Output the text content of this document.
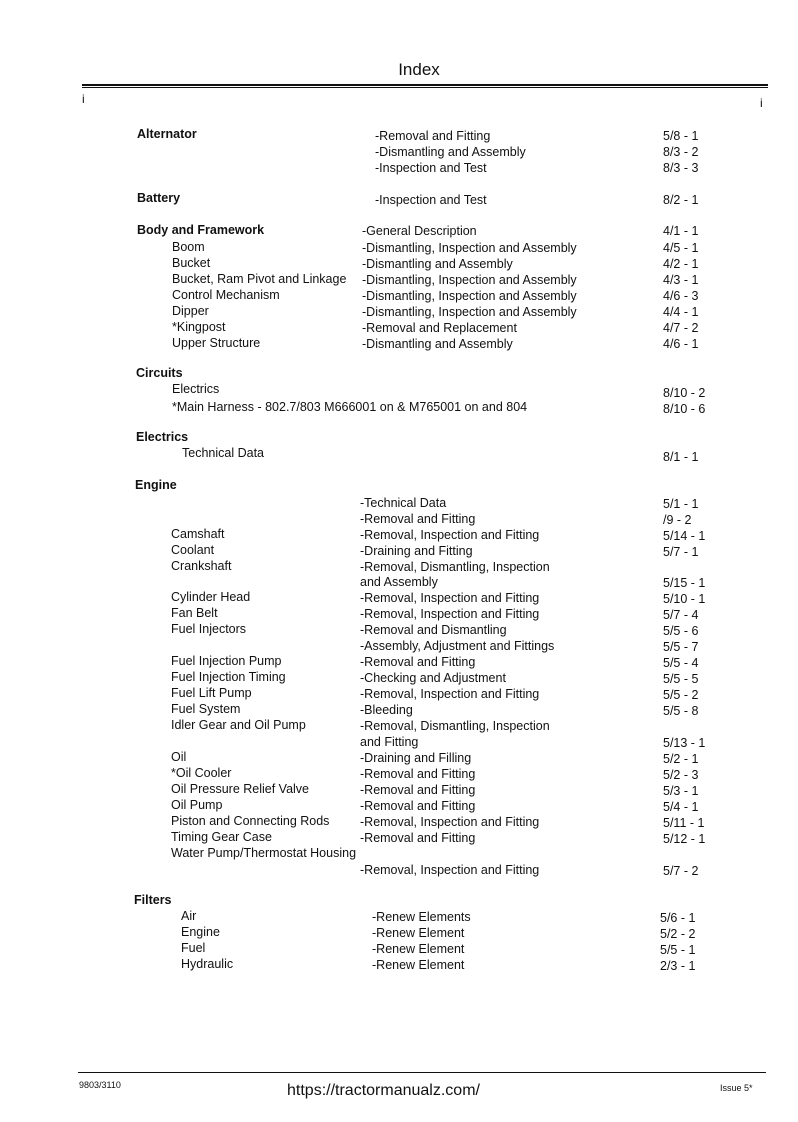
Index
i	i
Alternator	-Removal and Fitting	5/8 - 1
-Dismantling and Assembly	8/3 - 2
-Inspection and Test	8/3 - 3
Battery	-Inspection and Test	8/2 - 1
Body and Framework	-General Description	4/1 - 1
Boom	-Dismantling, Inspection and Assembly	4/5 - 1
Bucket	-Dismantling and Assembly	4/2 - 1
Bucket, Ram Pivot and Linkage -Dismantling, Inspection and Assembly	4/3 - 1
Control Mechanism	-Dismantling, Inspection and Assembly	4/6 - 3
Dipper	-Dismantling, Inspection and Assembly	4/4 - 1
*Kingpost	-Removal and Replacement	4/7 - 2
Upper Structure	-Dismantling and Assembly	4/6 - 1
Circuits
Electrics	8/10 - 2
*Main Harness - 802.7/803 M666001 on & M765001 on and 804	8/10 - 6
Electrics
Technical Data	8/1 - 1
Engine
-Technical Data	5/1 - 1
-Removal and Fitting	/9 - 2
Camshaft	-Removal, Inspection and Fitting	5/14 - 1
Coolant	-Draining and Fitting	5/7 - 1
Crankshaft	-Removal, Dismantling, Inspection
and Assembly	5/15 - 1
Cylinder Head	-Removal, Inspection and Fitting	5/10 - 1
Fan Belt	-Removal, Inspection and Fitting	5/7 - 4
Fuel Injectors	-Removal and Dismantling	5/5 - 6
-Assembly, Adjustment and Fittings	5/5 - 7
Fuel Injection Pump	-Removal and Fitting	5/5 - 4
Fuel Injection Timing	-Checking and Adjustment	5/5 - 5
Fuel Lift Pump	-Removal, Inspection and Fitting	5/5 - 2
Fuel System	-Bleeding	5/5 - 8
Idler Gear and Oil Pump	-Removal, Dismantling, Inspection
and Fitting	5/13 - 1
Oil	-Draining and Filling	5/2 - 1
*Oil Cooler	-Removal and Fitting	5/2 - 3
Oil Pressure Relief Valve	-Removal and Fitting	5/3 - 1
Oil Pump	-Removal and Fitting	5/4 - 1
Piston and Connecting Rods -Removal, Inspection and Fitting	5/11 - 1
Timing Gear Case	-Removal and Fitting	5/12 - 1
Water Pump/Thermostat Housing
-Removal, Inspection and Fitting	5/7 - 2
Filters
Air	-Renew Elements	5/6 - 1
Engine	-Renew Element	5/2 - 2
Fuel	-Renew Element	5/5 - 1
Hydraulic	-Renew Element	2/3 - 1
9803/3110	https://tractormanualz.com/	Issue 5*
